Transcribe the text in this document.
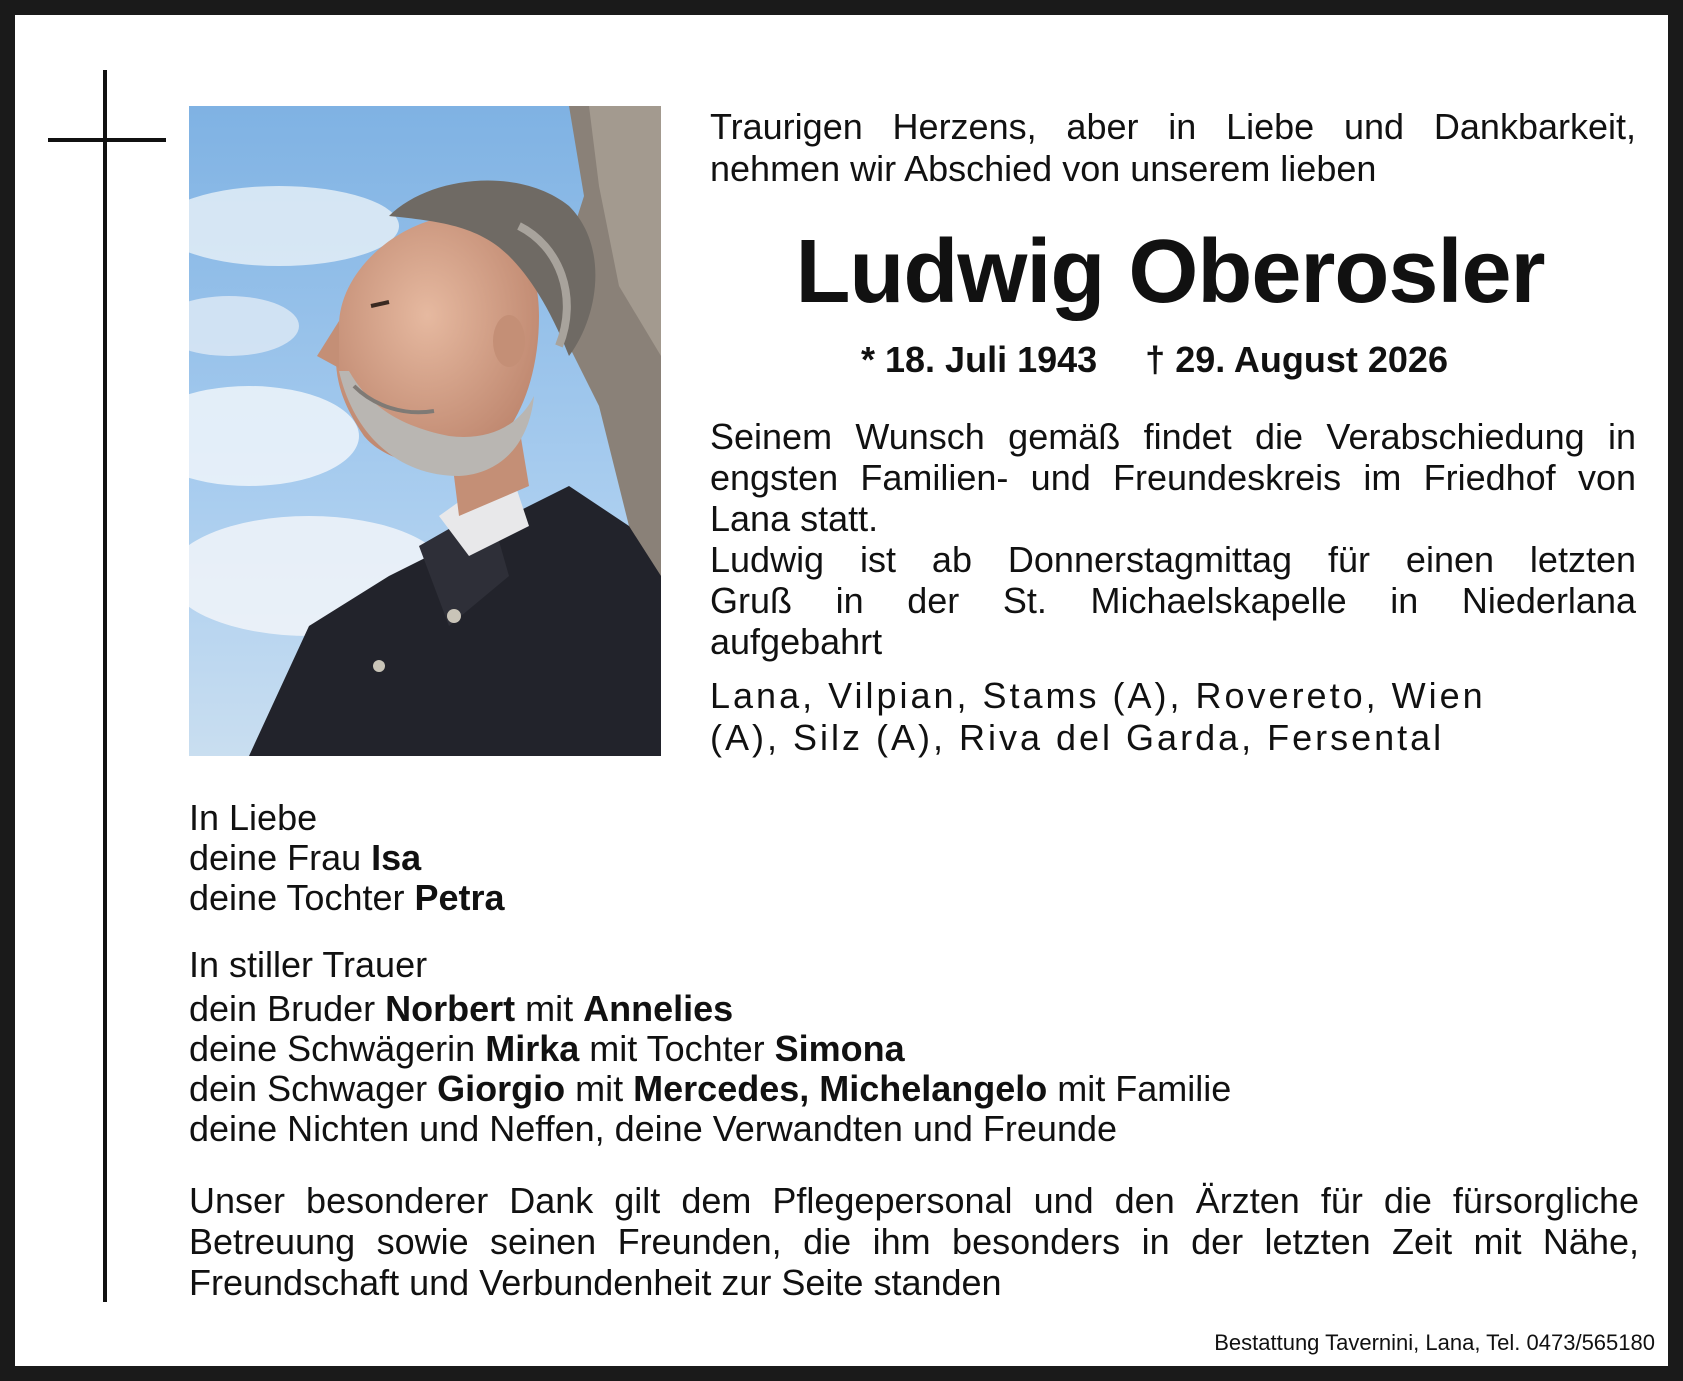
Traurigen Herzens, aber in Liebe und Dankbarkeit,
nehmen wir Abschied von unserem lieben

Ludwig Oberosler
* 18. Juli 1943 † 29. August 2026

Seinem Wunsch gemäß findet die Verabschiedung in
engsten Familien- und Freundeskreis im Friedhof von
Lana statt.
Ludwig ist ab Donnerstagmittag für einen letzten
Gruß in der St. Michaelskapelle in Niederlana
aufgebahrt

Lana, Vilpian, Stams (A), Rovereto, Wien
(A), Silz (A), Riva del Garda, Fersental

In Liebe
deine Frau Isa
deine Tochter Petra
In stiller Trauer
dein Bruder Norbert mit Annelies
deine Schwägerin Mirka mit Tochter Simona
dein Schwager Giorgio mit Mercedes, Michelangelo mit Familie
deine Nichten und Neffen, deine Verwandten und Freunde

Unser besonderer Dank gilt dem Pflegepersonal und den Ärzten für die fürsorgliche
Betreuung sowie seinen Freunden, die ihm besonders in der letzten Zeit mit Nähe,
Freundschaft und Verbundenheit zur Seite standen

Bestattung Tavernini, Lana, Tel. 0473/565180
